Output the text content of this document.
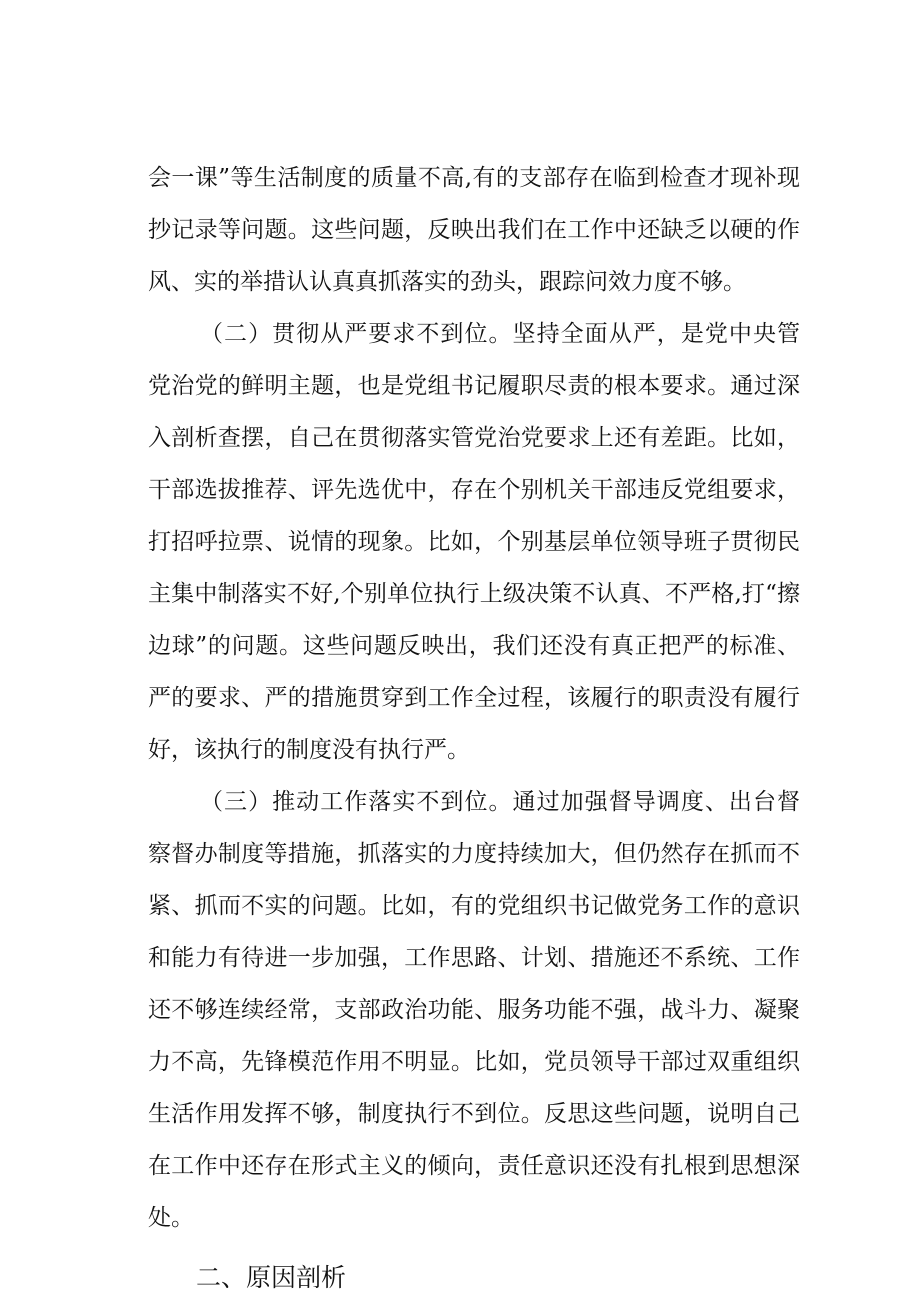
会一课”等生活制度的质量不高,有的支部存在临到检查才现补现
抄记录等问题。这些问题，反映出我们在工作中还缺乏以硬的作
风、实的举措认认真真抓落实的劲头，跟踪问效力度不够。
（二）贯彻从严要求不到位。坚持全面从严，是党中央管
党治党的鲜明主题，也是党组书记履职尽责的根本要求。通过深
入剖析查摆，自己在贯彻落实管党治党要求上还有差距。比如，
干部选拔推荐、评先选优中，存在个别机关干部违反党组要求，
打招呼拉票、说情的现象。比如，个别基层单位领导班子贯彻民
主集中制落实不好,个别单位执行上级决策不认真、不严格,打“擦
边球”的问题。这些问题反映出，我们还没有真正把严的标准、
严的要求、严的措施贯穿到工作全过程，该履行的职责没有履行
好，该执行的制度没有执行严。
（三）推动工作落实不到位。通过加强督导调度、出台督
察督办制度等措施，抓落实的力度持续加大，但仍然存在抓而不
紧、抓而不实的问题。比如，有的党组织书记做党务工作的意识
和能力有待进一步加强，工作思路、计划、措施还不系统、工作
还不够连续经常，支部政治功能、服务功能不强，战斗力、凝聚
力不高，先锋模范作用不明显。比如，党员领导干部过双重组织
生活作用发挥不够，制度执行不到位。反思这些问题，说明自己
在工作中还存在形式主义的倾向，责任意识还没有扎根到思想深
处。
二、原因剖析
